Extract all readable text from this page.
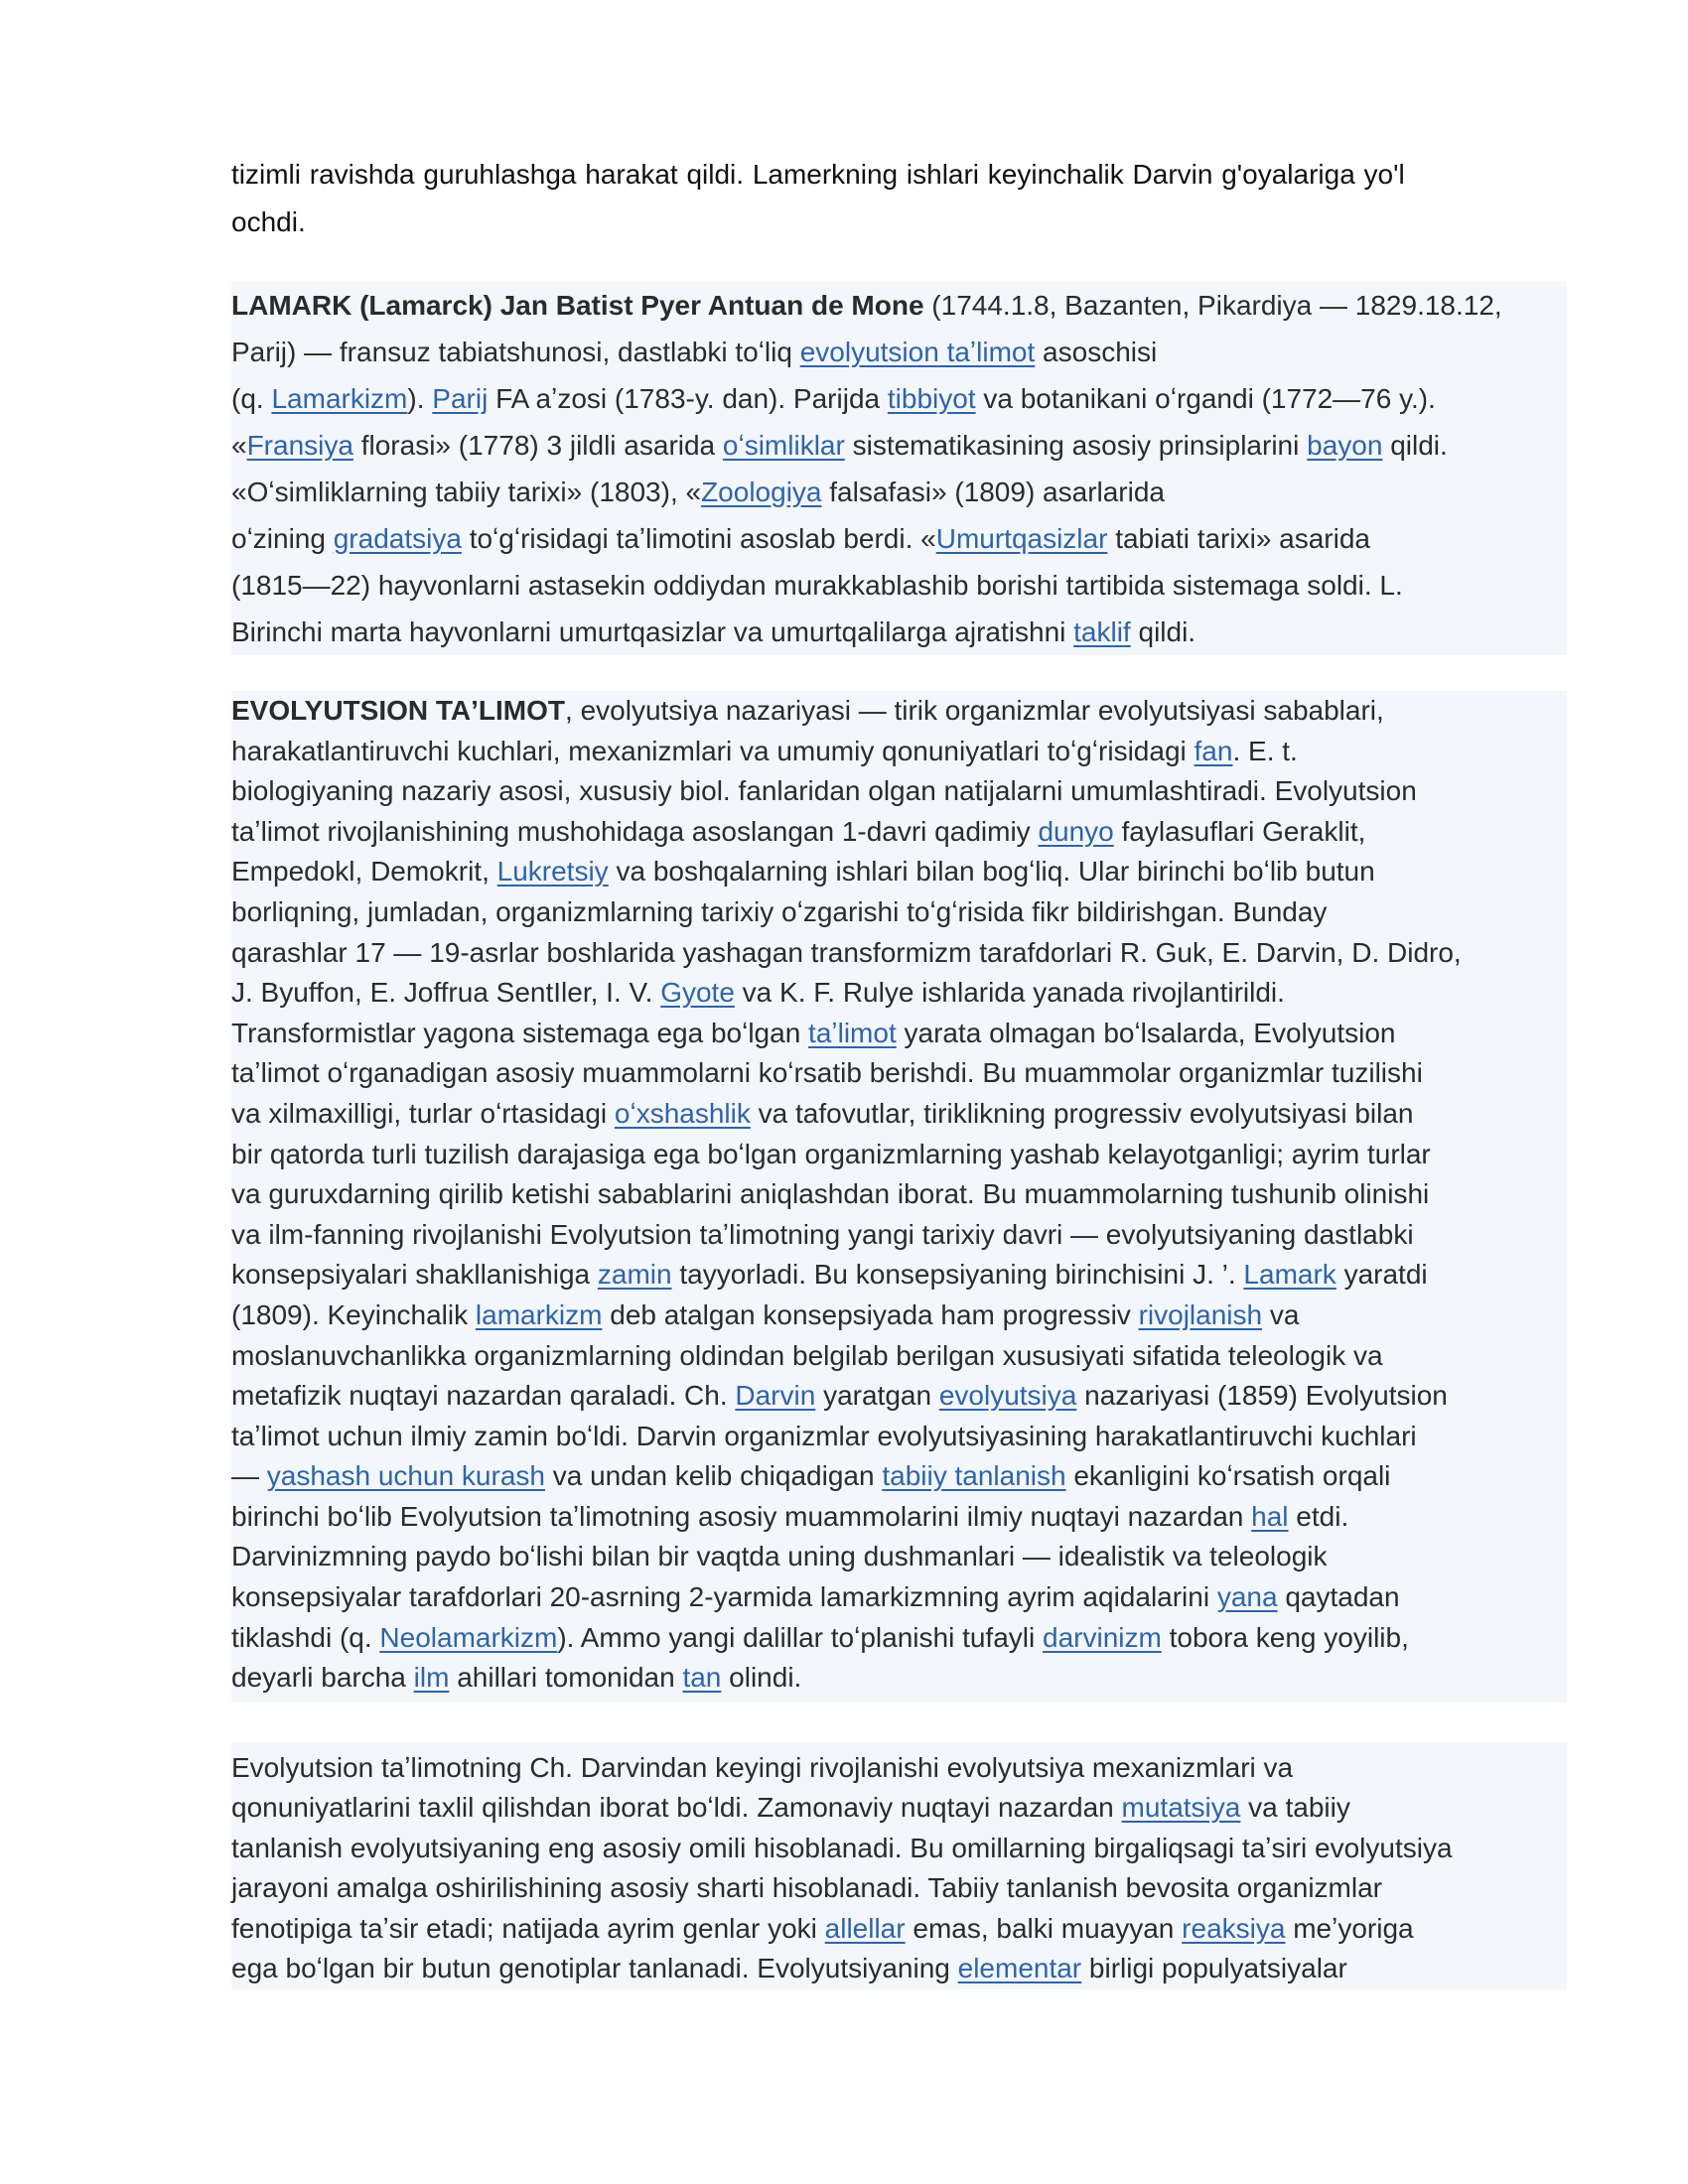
tizimli ravishda guruhlashga harakat qildi. Lamerkning ishlari keyinchalik Darvin g'oyalariga yo'l
ochdi.

LAMARK (Lamarck) Jan Batist Pyer Antuan de Mone (1744.1.8, Bazanten, Pikardiya — 1829.18.12,
Parij) — fransuz tabiatshunosi, dastlabki toʻliq evolyutsion taʼlimot asoschisi
(q. Lamarkizm). Parij FA aʼzosi (1783-y. dan). Parijda tibbiyot va botanikani oʻrgandi (1772—76 y.).
«Fransiya florasi» (1778) 3 jildli asarida oʻsimliklar sistematikasining asosiy prinsiplarini bayon qildi.
«Oʻsimliklarning tabiiy tarixi» (1803), «Zoologiya falsafasi» (1809) asarlarida
oʻzining gradatsiya toʻgʻrisidagi taʼlimotini asoslab berdi. «Umurtqasizlar tabiati tarixi» asarida
(1815—22) hayvonlarni astasekin oddiydan murakkablashib borishi tartibida sistemaga soldi. L.
Birinchi marta hayvonlarni umurtqasizlar va umurtqalilarga ajratishni taklif qildi.
EVOLYUTSION TAʼLIMOT, evolyutsiya nazariyasi — tirik organizmlar evolyutsiyasi sabablari,
harakatlantiruvchi kuchlari, mexanizmlari va umumiy qonuniyatlari toʻgʻrisidagi fan. E. t.
biologiyaning nazariy asosi, xususiy biol. fanlaridan olgan natijalarni umumlashtiradi. Evolyutsion
taʼlimot rivojlanishining mushohidaga asoslangan 1-davri qadimiy dunyo faylasuflari Geraklit,
Empedokl, Demokrit, Lukretsiy va boshqalarning ishlari bilan bogʻliq. Ular birinchi boʻlib butun
borliqning, jumladan, organizmlarning tarixiy oʻzgarishi toʻgʻrisida fikr bildirishgan. Bunday
qarashlar 17 — 19-asrlar boshlarida yashagan transformizm tarafdorlari R. Guk, E. Darvin, D. Didro,
J. Byuffon, E. Joffrua SentIler, I. V. Gyote va K. F. Rulye ishlarida yanada rivojlantirildi.
Transformistlar yagona sistemaga ega boʻlgan taʼlimot yarata olmagan boʻlsalarda, Evolyutsion
taʼlimot oʻrganadigan asosiy muammolarni koʻrsatib berishdi. Bu muammolar organizmlar tuzilishi
va xilmaxilligi, turlar oʻrtasidagi oʻxshashlik va tafovutlar, tiriklikning progressiv evolyutsiyasi bilan
bir qatorda turli tuzilish darajasiga ega boʻlgan organizmlarning yashab kelayotganligi; ayrim turlar
va guruxdarning qirilib ketishi sabablarini aniqlashdan iborat. Bu muammolarning tushunib olinishi
va ilm-fanning rivojlanishi Evolyutsion taʼlimotning yangi tarixiy davri — evolyutsiyaning dastlabki
konsepsiyalari shakllanishiga zamin tayyorladi. Bu konsepsiyaning birinchisini J. ’. Lamark yaratdi
(1809). Keyinchalik lamarkizm deb atalgan konsepsiyada ham progressiv rivojlanish va
moslanuvchanlikka organizmlarning oldindan belgilab berilgan xususiyati sifatida teleologik va
metafizik nuqtayi nazardan qaraladi. Ch. Darvin yaratgan evolyutsiya nazariyasi (1859) Evolyutsion
taʼlimot uchun ilmiy zamin boʻldi. Darvin organizmlar evolyutsiyasining harakatlantiruvchi kuchlari
— yashash uchun kurash va undan kelib chiqadigan tabiiy tanlanish ekanligini koʻrsatish orqali
birinchi boʻlib Evolyutsion taʼlimotning asosiy muammolarini ilmiy nuqtayi nazardan hal etdi.
Darvinizmning paydo boʻlishi bilan bir vaqtda uning dushmanlari — idealistik va teleologik
konsepsiyalar tarafdorlari 20-asrning 2-yarmida lamarkizmning ayrim aqidalarini yana qaytadan
tiklashdi (q. Neolamarkizm). Ammo yangi dalillar toʻplanishi tufayli darvinizm tobora keng yoyilib,
deyarli barcha ilm ahillari tomonidan tan olindi.
Evolyutsion taʼlimotning Ch. Darvindan keyingi rivojlanishi evolyutsiya mexanizmlari va
qonuniyatlarini taxlil qilishdan iborat boʻldi. Zamonaviy nuqtayi nazardan mutatsiya va tabiiy
tanlanish evolyutsiyaning eng asosiy omili hisoblanadi. Bu omillarning birgaliqsagi taʼsiri evolyutsiya
jarayoni amalga oshirilishining asosiy sharti hisoblanadi. Tabiiy tanlanish bevosita organizmlar
fenotipiga taʼsir etadi; natijada ayrim genlar yoki allellar emas, balki muayyan reaksiya meʼyoriga
ega boʻlgan bir butun genotiplar tanlanadi. Evolyutsiyaning elementar birligi populyatsiyalar
